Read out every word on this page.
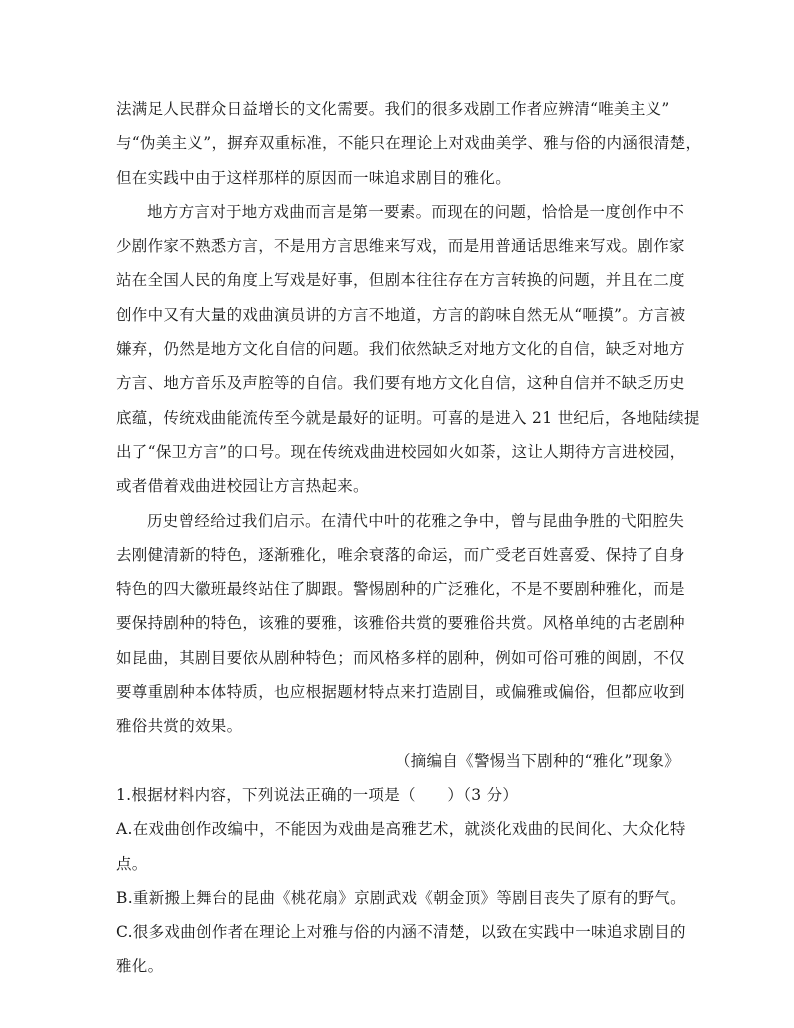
法满足人民群众日益增长的文化需要。我们的很多戏剧工作者应辨清“唯美主义”
与“伪美主义”，摒弃双重标准，不能只在理论上对戏曲美学、雅与俗的内涵很清楚，
但在实践中由于这样那样的原因而一味追求剧目的雅化。
地方方言对于地方戏曲而言是第一要素。而现在的问题，恰恰是一度创作中不
少剧作家不熟悉方言，不是用方言思维来写戏，而是用普通话思维来写戏。剧作家
站在全国人民的角度上写戏是好事，但剧本往往存在方言转换的问题，并且在二度
创作中又有大量的戏曲演员讲的方言不地道，方言的韵味自然无从“咂摸”。方言被
嫌弃，仍然是地方文化自信的问题。我们依然缺乏对地方文化的自信，缺乏对地方
方言、地方音乐及声腔等的自信。我们要有地方文化自信，这种自信并不缺乏历史
底蕴，传统戏曲能流传至今就是最好的证明。可喜的是进入 21 世纪后，各地陆续提
出了“保卫方言”的口号。现在传统戏曲进校园如火如荼，这让人期待方言进校园，
或者借着戏曲进校园让方言热起来。
历史曾经给过我们启示。在清代中叶的花雅之争中，曾与昆曲争胜的弋阳腔失
去刚健清新的特色，逐渐雅化，唯余衰落的命运，而广受老百姓喜爱、保持了自身
特色的四大徽班最终站住了脚跟。警惕剧种的广泛雅化，不是不要剧种雅化，而是
要保持剧种的特色，该雅的要雅，该雅俗共赏的要雅俗共赏。风格单纯的古老剧种
如昆曲，其剧目要依从剧种特色；而风格多样的剧种，例如可俗可雅的闽剧，不仅
要尊重剧种本体特质，也应根据题材特点来打造剧目，或偏雅或偏俗，但都应收到
雅俗共赏的效果。
（摘编自《警惕当下剧种的“雅化”现象》
1.根据材料内容，下列说法正确的一项是（　　）（3 分）
A.在戏曲创作改编中，不能因为戏曲是高雅艺术，就淡化戏曲的民间化、大众化特
点。
B.重新搬上舞台的昆曲《桃花扇》京剧武戏《朝金顶》等剧目丧失了原有的野气。
C.很多戏曲创作者在理论上对雅与俗的内涵不清楚，以致在实践中一味追求剧目的
雅化。
